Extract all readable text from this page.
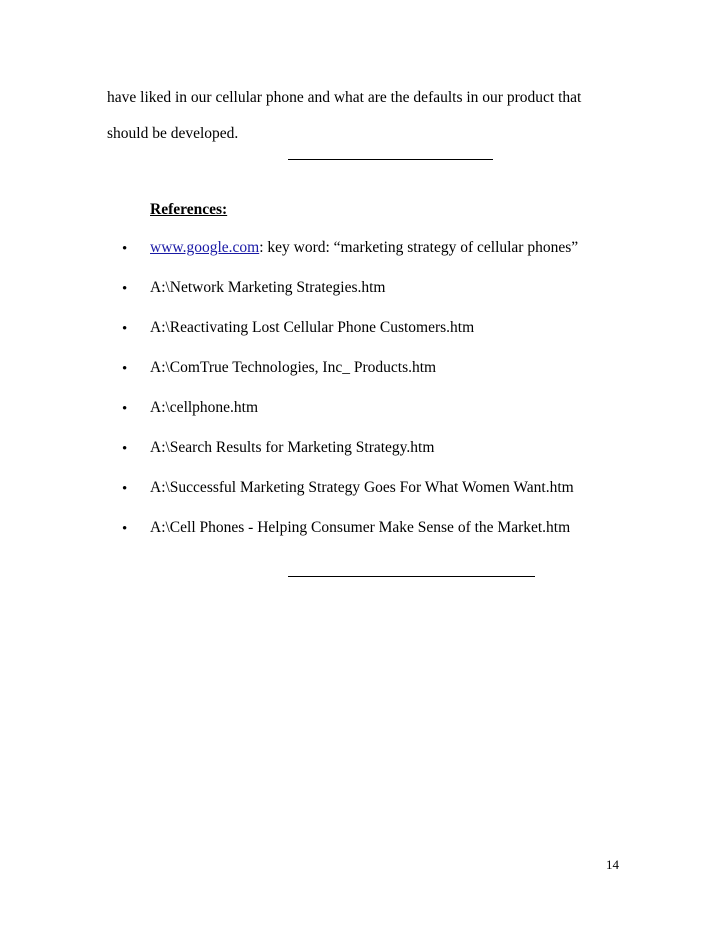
have liked in our cellular phone and what are the defaults in our product that
should be developed.
References:
• www.google.com: key word: “marketing strategy of cellular phones”
• A:\Network Marketing Strategies.htm
• A:\Reactivating Lost Cellular Phone Customers.htm
• A:\ComTrue Technologies, Inc_ Products.htm
• A:\cellphone.htm
• A:\Search Results for Marketing Strategy.htm
• A:\Successful Marketing Strategy Goes For What Women Want.htm
• A:\Cell Phones - Helping Consumer Make Sense of the Market.htm
14
